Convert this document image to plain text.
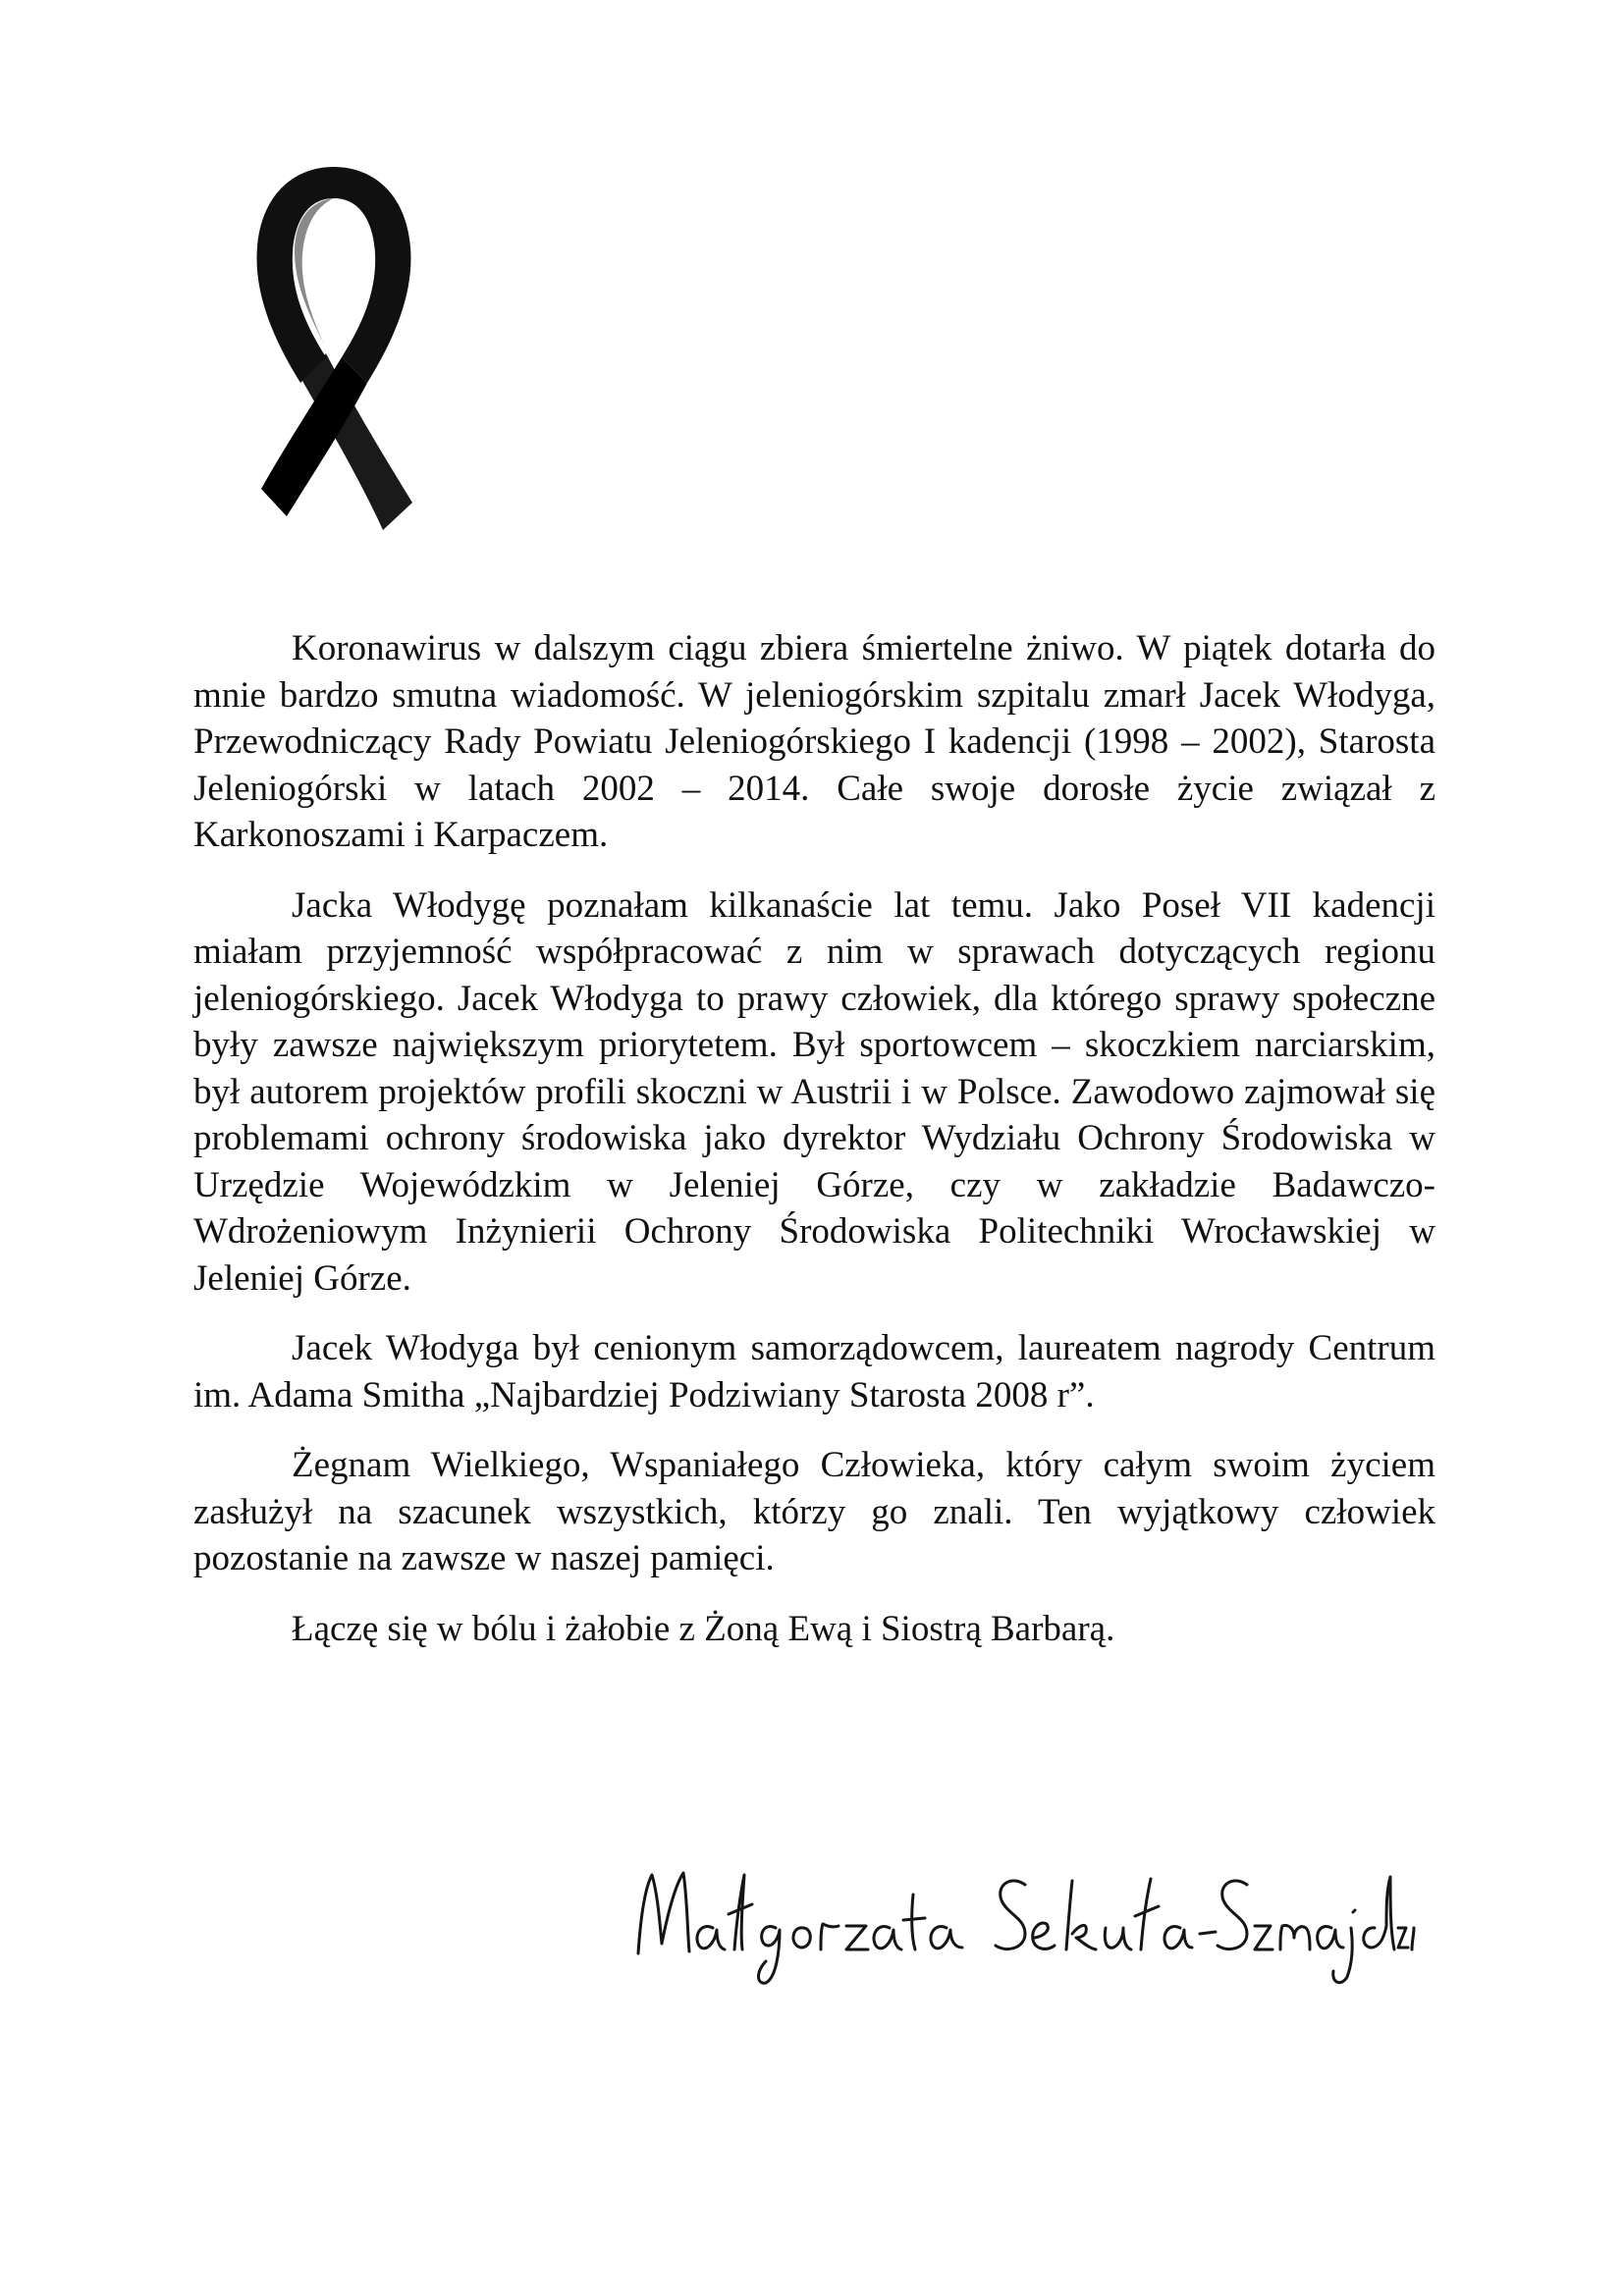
Koronawirus w dalszym ciągu zbiera śmiertelne żniwo. W piątek dotarła do mnie bardzo smutna wiadomość. W jeleniogórskim szpitalu zmarł Jacek Włodyga, Przewodniczący Rady Powiatu Jeleniogórskiego I kadencji (1998 – 2002), Starosta Jeleniogórski w latach 2002 – 2014. Całe swoje dorosłe życie związał z Karkonoszami i Karpaczem.

Jacka Włodygę poznałam kilkanaście lat temu. Jako Poseł VII kadencji miałam przyjemność współpracować z nim w sprawach dotyczących regionu jeleniogórskiego. Jacek Włodyga to prawy człowiek, dla którego sprawy społeczne były zawsze największym priorytetem. Był sportowcem – skoczkiem narciarskim, był autorem projektów profili skoczni w Austrii i w Polsce. Zawodowo zajmował się problemami ochrony środowiska jako dyrektor Wydziału Ochrony Środowiska w Urzędzie Wojewódzkim w Jeleniej Górze, czy w zakładzie Badawczo-Wdrożeniowym Inżynierii Ochrony Środowiska Politechniki Wrocławskiej w Jeleniej Górze.

Jacek Włodyga był cenionym samorządowcem, laureatem nagrody Centrum im. Adama Smitha „Najbardziej Podziwiany Starosta 2008 r”.

Żegnam Wielkiego, Wspaniałego Człowieka, który całym swoim życiem zasłużył na szacunek wszystkich, którzy go znali. Ten wyjątkowy człowiek pozostanie na zawsze w naszej pamięci.

Łączę się w bólu i żałobie z Żoną Ewą i Siostrą Barbarą.
